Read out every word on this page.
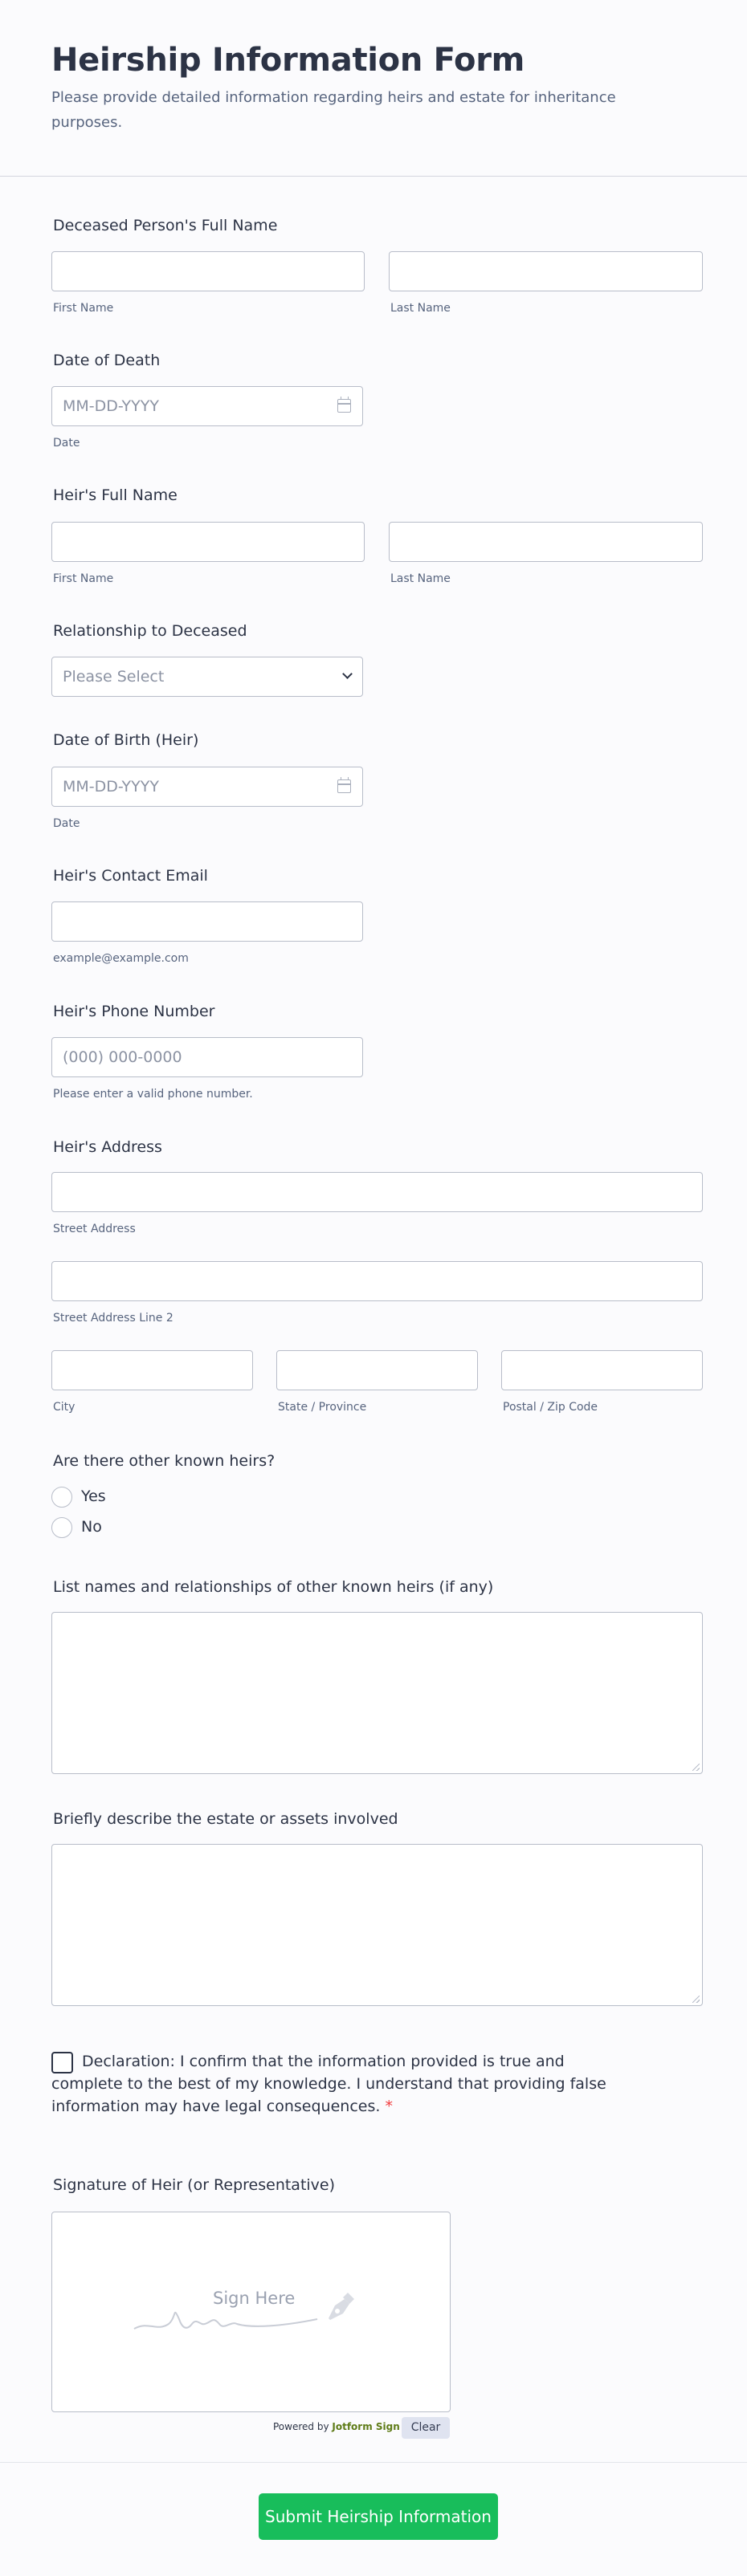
Heirship Information Form
Please provide detailed information regarding heirs and estate for inheritance purposes.
Deceased Person's Full Name
First Name	Last Name
Date of Death
MM-DD-YYYY
Date
Heir's Full Name
First Name	Last Name
Relationship to Deceased
Please Select
Date of Birth (Heir)
MM-DD-YYYY
Date
Heir's Contact Email
example@example.com
Heir's Phone Number
(000) 000-0000
Please enter a valid phone number.
Heir's Address
Street Address
Street Address Line 2
City	State / Province	Postal / Zip Code
Are there other known heirs?
Yes
No
List names and relationships of other known heirs (if any)
Briefly describe the estate or assets involved
Declaration: I confirm that the information provided is true and complete to the best of my knowledge. I understand that providing false information may have legal consequences. *
Signature of Heir (or Representative)
Sign Here
Powered by Jotform Sign Clear
Submit Heirship Information
